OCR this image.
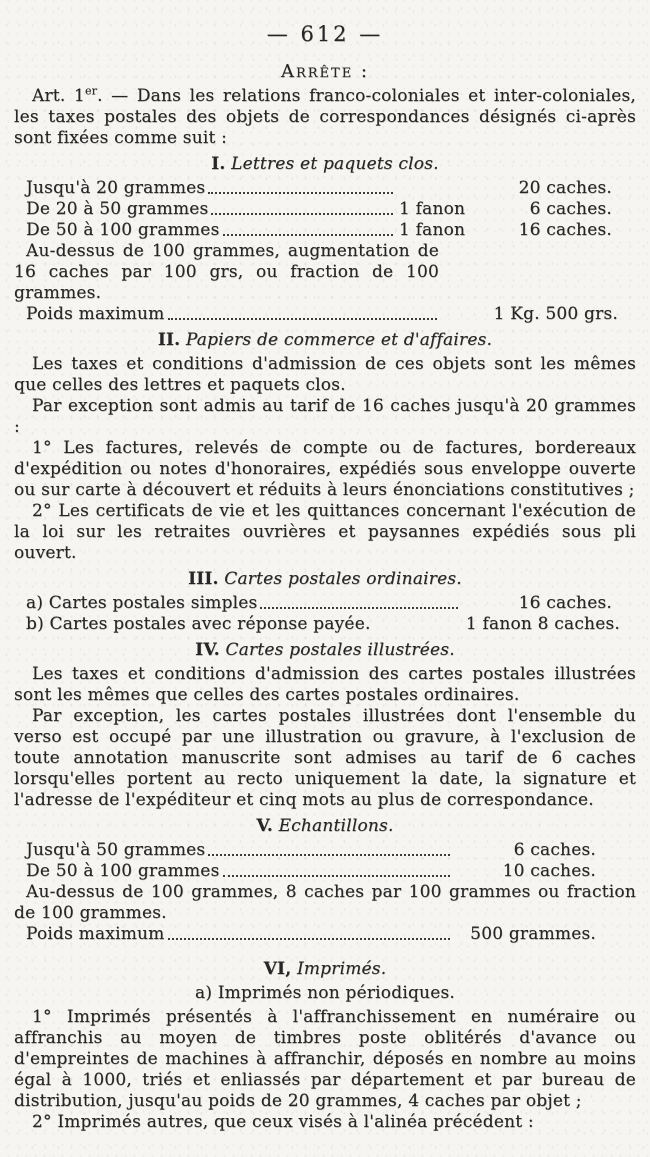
— 612 —
Arrête :

Art. 1er. — Dans les relations franco-coloniales et inter-coloniales, les taxes postales des objets de correspondances désignés ci-après sont fixées comme suit :

I. Lettres et paquets clos.
Jusqu'à 20 grammes	20 caches.
De 20 à 50 grammes	1 fanon	6 caches.
De 50 à 100 grammes	1 fanon	16 caches.

Au-dessus de 100 grammes, augmentation de 16 caches par 100 grs, ou fraction de 100 grammes.

Poids maximum	1 Kg. 500 grs.
II. Papiers de commerce et d'affaires.

Les taxes et conditions d'admission de ces objets sont les mêmes que celles des lettres et paquets clos.

Par exception sont admis au tarif de 16 caches jusqu'à 20 grammes :

1° Les factures, relevés de compte ou de factures, bordereaux d'expédition ou notes d'honoraires, expédiés sous enveloppe ouverte ou sur carte à découvert et réduits à leurs énonciations constitutives ;

2° Les certificats de vie et les quittances concernant l'exécution de la loi sur les retraites ouvrières et paysannes expédiés sous pli ouvert.

III. Cartes postales ordinaires.
a) Cartes postales simples	16 caches.
b) Cartes postales avec réponse payée.	1 fanon 8 caches.
IV. Cartes postales illustrées.

Les taxes et conditions d'admission des cartes postales illustrées sont les mêmes que celles des cartes postales ordinaires.

Par exception, les cartes postales illustrées dont l'ensemble du verso est occupé par une illustration ou gravure, à l'exclusion de toute annotation manuscrite sont admises au tarif de 6 caches lorsqu'elles portent au recto uniquement la date, la signature et l'adresse de l'expéditeur et cinq mots au plus de correspondance.

V. Echantillons.
Jusqu'à 50 grammes	6 caches.
De 50 à 100 grammes	10 caches.

Au-dessus de 100 grammes, 8 caches par 100 grammes ou fraction de 100 grammes.

Poids maximum	500 grammes.
VI, Imprimés.
a) Imprimés non périodiques.

1° Imprimés présentés à l'affranchissement en numéraire ou affranchis au moyen de timbres poste oblitérés d'avance ou d'empreintes de machines à affranchir, déposés en nombre au moins égal à 1000, triés et enliassés par département et par bureau de distribution, jusqu'au poids de 20 grammes, 4 caches par objet ;

2° Imprimés autres, que ceux visés à l'alinéa précédent :
